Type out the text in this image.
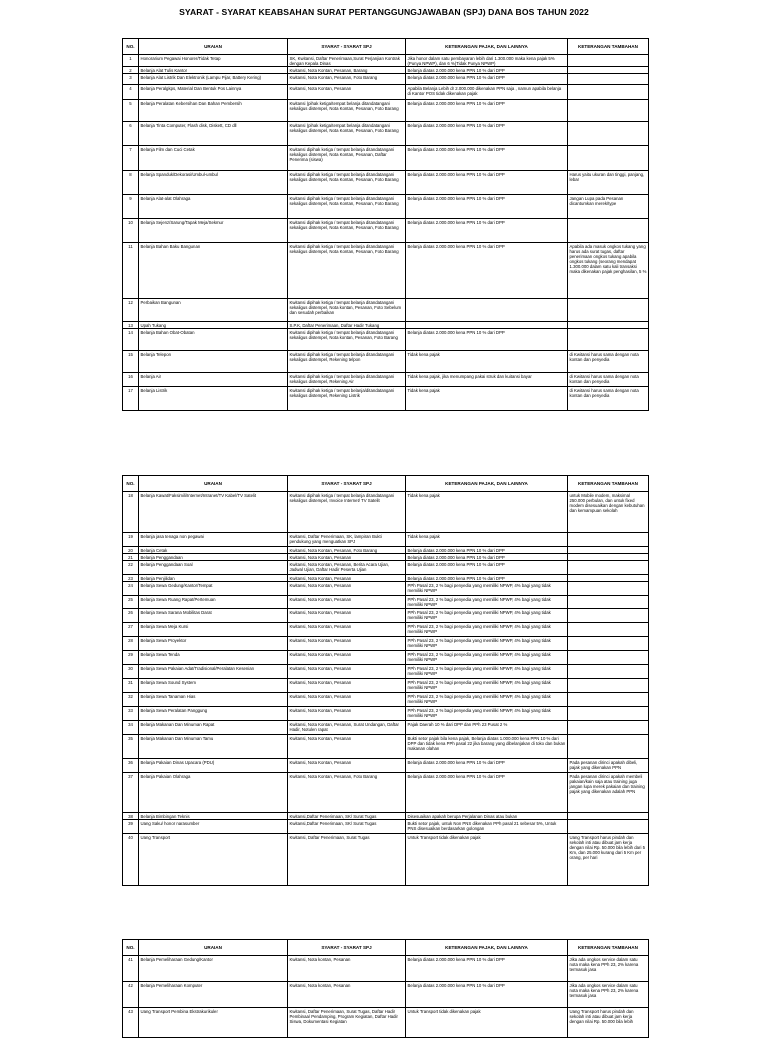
SYARAT - SYARAT KEABSAHAN SURAT PERTANGGUNGJAWABAN (SPJ) DANA BOS TAHUN 2022
NO.	URAIAN	SYARAT - SYARAT SPJ	KETERANGAN PAJAK, DAN LAINNYA	KETERANGAN TAMBAHAN
1	Honorarium Pegawai Honorer/Tidak Tetap	SK, Kwitansi, Daftar Penerimaan,Surat Perjanjian Kontrak dengan Kepala Dinas	Jika honor dalam satu pembayaran lebih dari 1.300.000 maka kena pajak 5%(Punya NPWP), dan 6 %(Tidak Punya NPWP)	
2	Belanja Alat Tulis Kantor	Kwitansi, Nota Kontan, Pesanan, Barang	Belanja diatas 2.000.000 kena PPN 10 % dari DPP	
3	Belanja Alat Listrik Dan Elektronik (Lampu Pijar, Battery Kering)	Kwitansi, Nota Kontan, Pesanan, Foto Barang	Belanja diatas 2.000.000 kena PPN 10 % dari DPP	
4	Belanja Peralgkps, Material Dan Bentuk Pos Lainnya	Kwitansi, Nota Kontan, Pesanan	Apabila Belanja Lebih dr 2.000.000 dikenakan PPN saja , namun apabila belanja di Kantor POS tidak dikenakan pajak	
5	Belanja Peralatan Kebersihan Dan Bahan Pembersih	Kwitansi (pihak ketiga/tempat belanja ditandatangani sekaligus distempel, Nota Kontan, Pesanan, Foto Barang	Belanja diatas 2.000.000 kena PPN 10 % dari DPP	
6	Belanja Tinta Computer, Flash disk, Diskett, CD dll	Kwitansi (pihak ketiga/tempat belanja ditandatangani sekaligus distempel, Nota Kontan, Pesanan, Foto Barang	Belanja diatas 2.000.000 kena PPN 10 % dari DPP	
7	Belanja Film dan Cuci Cetak	Kwitansi dipihak ketiga / tempat belanja ditandatangani sekaligus distempel, Nota Kontan, Pesanan, Daftar Penerima (siswa)	Belanja diatas 2.000.000 kena PPN 10 % dari DPP	
8	Belanja Spanduk/Dekorasi/Umbul-umbul	Kwitansi dipihak ketiga / tempat belanja ditandatangani sekaligus distempel, Nota Kontan, Pesanan, Foto Barang	Belanja diatas 2.000.000 kena PPN 10 % dari DPP	Harus yaitu ukuran dan tinggi, panjang, lebar
9	Belanja Alat-alat Olahraga	Kwitansi dipihak ketiga / tempat belanja ditandatangani sekaligus distempel, Nota Kontan, Pesanan, Foto Barang	Belanja diatas 2.000.000 kena PPN 10 % dari DPP	Jangan Lupa pada Pesanan dicantumkan merek/type
10	Belanja Sejenz/Sarung/Tapak Meja/Sekmur	Kwitansi dipihak ketiga / tempat belanja ditandatangani sekaligus distempel, Nota Kontan, Pesanan, Foto Barang	Belanja diatas 2.000.000 kena PPN 10 % dari DPP	
11	Belanja Bahan Baku Bangunan	Kwitansi dipihak ketiga / tempat belanja ditandatangani sekaligus distempel, Nota Kontan, Pesanan, Foto Barang	Belanja diatas 2.000.000 kena PPN 10 % dari DPP	Apabila ada masuk ongkos tukang yang harus ada surat tugas, daftar penerimaan ongkos tukang apabila ongkos tukang (seorang mendapat 1.300.000 dalam satu kali transaksi maka dikenakan pajak penghasilan, 5 %
12	Perbaikan Bangunan	Kwitansi dipihak ketiga / tempat belanja ditandatangani sekaligus distempel, Nota kontan, Pesanan, Foto Sebelum dan sesudah perbaikan		
13	Upah Tukang	S.P.K, Daftar Penerimaan, Daftar Hadir Tukang		
14	Belanja Bahan Obat-Obatan	Kwitansi dipihak ketiga / tempat belanja ditandatangani sekaligus distempel, Nota kontan, Pesanan, Foto Barang	Belanja diatas 2.000.000 kena PPN 10 % dari DPP	
15	Belanja Telepon	Kwitansi dipihak ketiga / tempat belanja ditandatangani sekaligus distempel, Rekening telpon	Tidak kena pajak	di Kwitansi harus sama dengan nota kontan dan penyedia
16	Belanja Air	Kwitansi dipihak ketiga / tempat belanja ditandatangani sekaligus distempel, Rekening Air	Tidak kena pajak, jika menumpang pakai struk dan kuitansi bayar	di Kwitansi harus sama dengan nota kontan dan penyedia
17	Belanja Listrik	Kwitansi dipihak ketiga / tempat belanja/ditandatangani sekaligus distempel, Rekening Listrik	Tidak kena pajak	di Kwitansi harus sama dengan nota kontan dan penyedia
NO.	URAIAN	SYARAT - SYARAT SPJ	KETERANGAN PAJAK, DAN LAINNYA	KETERANGAN TAMBAHAN
18	Belanja Kawat/Faksimili/Internet/Intranet/TV Kabel/TV Satelit	Kwitansi dipihak ketiga / tempat belanja ditandatangani sekaligus distempel, Invoice Internet/ TV Satelit	Tidak kena pajak	untuk Mobile modem, maksimal 250.000 perbulan, dan untuk fixed modem disesuaikan dengan kebutuhan dan kemampuan sekolah
19	Belanja jasa tenaga non pegawai	Kwitansi, Daftar Penerimaan, SK, lampiran Bukti pendukung yang menguatkan SPJ	Tidak kena pajak	
20	Belanja Cetak	Kwitansi, Nota Kontan, Pesanan, Foto Barang	Belanja diatas 2.000.000 kena PPN 10 % dari DPP	
21	Belanja Penggandaan	Kwitansi, Nota Kontan, Pesanan	Belanja diatas 2.000.000 kena PPN 10 % dari DPP	
22	Belanja Penggandaan Soal	Kwitansi, Nota Kontan, Pesanan, Berita Acara Ujian, Jadwal Ujian, Daftar Hadir Peserta Ujian	Belanja diatas 2.000.000 kena PPN 10 % dari DPP	
23	Belanja Penjilidan	Kwitansi, Nota Kontan, Pesanan	Belanja diatas 2.000.000 kena PPN 10 % dari DPP	
24	Belanja Sewa Gedung/Kantor/Tempat	Kwitansi, Nota Kontan, Pesanan	PPh Pasal 23, 2 % bagi penyedia yang memiliki NPWP, 4% bagi yang tidak memiliki NPWP	
25	Belanja Sewa Ruang Rapat/Pertemuan	Kwitansi, Nota Kontan, Pesanan	PPh Pasal 23, 2 % bagi penyedia yang memiliki NPWP, 4% bagi yang tidak memiliki NPWP	
26	Belanja Sewa Sarana Mobilitas Darat	Kwitansi, Nota Kontan, Pesanan	PPh Pasal 23, 2 % bagi penyedia yang memiliki NPWP, 4% bagi yang tidak memiliki NPWP	
27	Belanja Sewa Meja Kursi	Kwitansi, Nota Kontan, Pesanan	PPh Pasal 23, 2 % bagi penyedia yang memiliki NPWP, 4% bagi yang tidak memiliki NPWP	
28	Belanja Sewa Proyektor	Kwitansi, Nota Kontan, Pesanan	PPh Pasal 23, 2 % bagi penyedia yang memiliki NPWP, 4% bagi yang tidak memiliki NPWP	
29	Belanja Sewa Tenda	Kwitansi, Nota Kontan, Pesanan	PPh Pasal 23, 2 % bagi penyedia yang memiliki NPWP, 4% bagi yang tidak memiliki NPWP	
30	Belanja Sewa Pakaian Adat/Tradisional/Peralatan Kesenian	Kwitansi, Nota Kontan, Pesanan	PPh Pasal 23, 2 % bagi penyedia yang memiliki NPWP, 4% bagi yang tidak memiliki NPWP	
31	Belanja Sewa Sound System	Kwitansi, Nota Kontan, Pesanan	PPh Pasal 23, 2 % bagi penyedia yang memiliki NPWP, 4% bagi yang tidak memiliki NPWP	
32	Belanja Sewa Tanaman Hias	Kwitansi, Nota Kontan, Pesanan	PPh Pasal 23, 2 % bagi penyedia yang memiliki NPWP, 4% bagi yang tidak memiliki NPWP	
33	Belanja Sewa Peralatan Panggung	Kwitansi, Nota Kontan, Pesanan	PPh Pasal 23, 2 % bagi penyedia yang memiliki NPWP, 4% bagi yang tidak memiliki NPWP	
34	Belanja Makanan Dan Minuman Rapat	Kwitansi, Nota Kontan, Pesanan, Surat Undangan, Daftar Hadir, Notulen rapat	Pajak Daerah 10 % dari DPP dan PPh 23 Pusat 2 %	
35	Belanja Makanan Dan Minuman Tamu	Kwitansi, Nota Kontan, Pesanan	Bukti setor pajak bila kena pajak, Belanja diatas 1.000.000 kena PPN 10 % dari DPP dan tidak kena PPh pasal 22 jika barang yang dibelanjakan di toko dan bukan makanan olahan	
36	Belanja Pakaian Dinas Upacara (PDU)	Kwitansi, Nota Kontan, Pesanan	Belanja diatas 2.000.000 kena PPN 10 % dari DPP	Pada pesanan dirinci apakah dibeli, pajak yang dikenakan PPN
37	Belanja Pakaian Olahraga	Kwitansi, Nota Kontan, Pesanan, Foto Barang	Belanja diatas 2.000.000 kena PPN 10 % dari DPP	Pada pesanan dirinci apakah membeli pakaian/kain saja atau training juga jangan lupa merek pakaian dan training pajak yang dikenakan adalah PPN
38	Belanja Bimbingan Teknis	Kwitansi,Daftar Penerimaan, SK/ Surat Tugas	Disesuaikan apakah berupa Perjalanan Dinas atau bukan	
39	Uang Saku/ honor narasumber	Kwitansi,Daftar Penerimaan, SK/ Surat Tugas	Bukti setor pajak, untuk Non PNS dikenakan PPh pasal 21 sebesar 5%, Untuk PNS disesuaikan berdasarkan golongan	
40	Uang Transport	Kwitansi, Daftar Penerimaan, Surat Tugas	Untuk Transport tidak dikenakan pajak	Uang Transport harus pindah dan sekolah inti atau dibuat jam kerja dengan nilai Rp. 50.000 bila lebih dari 5 Km, dan 25.000 kurang dari 5 Km per orang, per hari
NO.	URAIAN	SYARAT - SYARAT SPJ	KETERANGAN PAJAK, DAN LAINNYA	KETERANGAN TAMBAHAN
41	Belanja Pemeliharaan Gedung/Kantor	Kwitansi, Nota kontan, Pesanan	Belanja diatas 2.000.000 kena PPN 10 % dari DPP	Jika ada ongkos service dalam satu nota maka kena PPh 23, 2% karena termasuk jasa
42	Belanja Pemeliharaan Komputer	Kwitansi, Nota kontan, Pesanan	Belanja diatas 2.000.000 kena PPN 10 % dari DPP	Jika ada ongkos service dalam satu nota maka kena PPh 23, 2% karena termasuk jasa
43	Uang Transport Pembina Ekstrakurikuler	Kwitansi, Daftar Penerimaan, Surat Tugas, Daftar Hadir Pembinaa/ Pendamping, Program Kegiatan, Daftar Hadir Siswa, Dokumentasi Kegiatan	Untuk Transport tidak dikenakan pajak	Uang Transport harus pindah dan sekolah inti atau dibuat jam kerja dengan nilai Rp. 50.000 bila lebih
